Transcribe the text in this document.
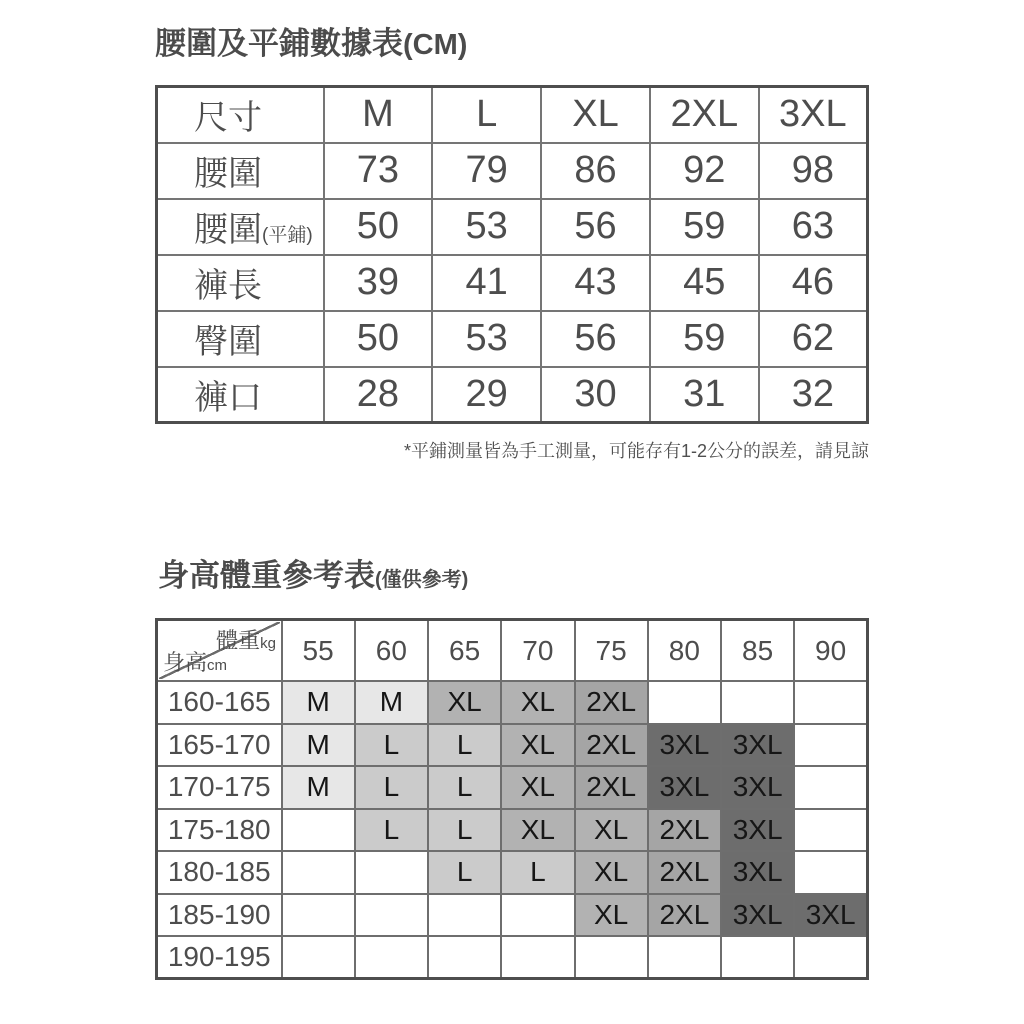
腰圍及平鋪數據表(CM)
尺寸	M	L	XL	2XL	3XL
腰圍	73	79	86	92	98
腰圍(平鋪)	50	53	56	59	63
褲長	39	41	43	45	46
臀圍	50	53	56	59	62
褲口	28	29	30	31	32
*平鋪測量皆為手工測量，可能存有1-2公分的誤差，請見諒
身高體重參考表(僅供參考)
體重kg
身高cm	55	60	65	70	75	80	85	90
160-165	M	M	XL	XL	2XL			
165-170	M	L	L	XL	2XL	3XL	3XL	
170-175	M	L	L	XL	2XL	3XL	3XL	
175-180		L	L	XL	XL	2XL	3XL	
180-185			L	L	XL	2XL	3XL	
185-190					XL	2XL	3XL	3XL
190-195								
